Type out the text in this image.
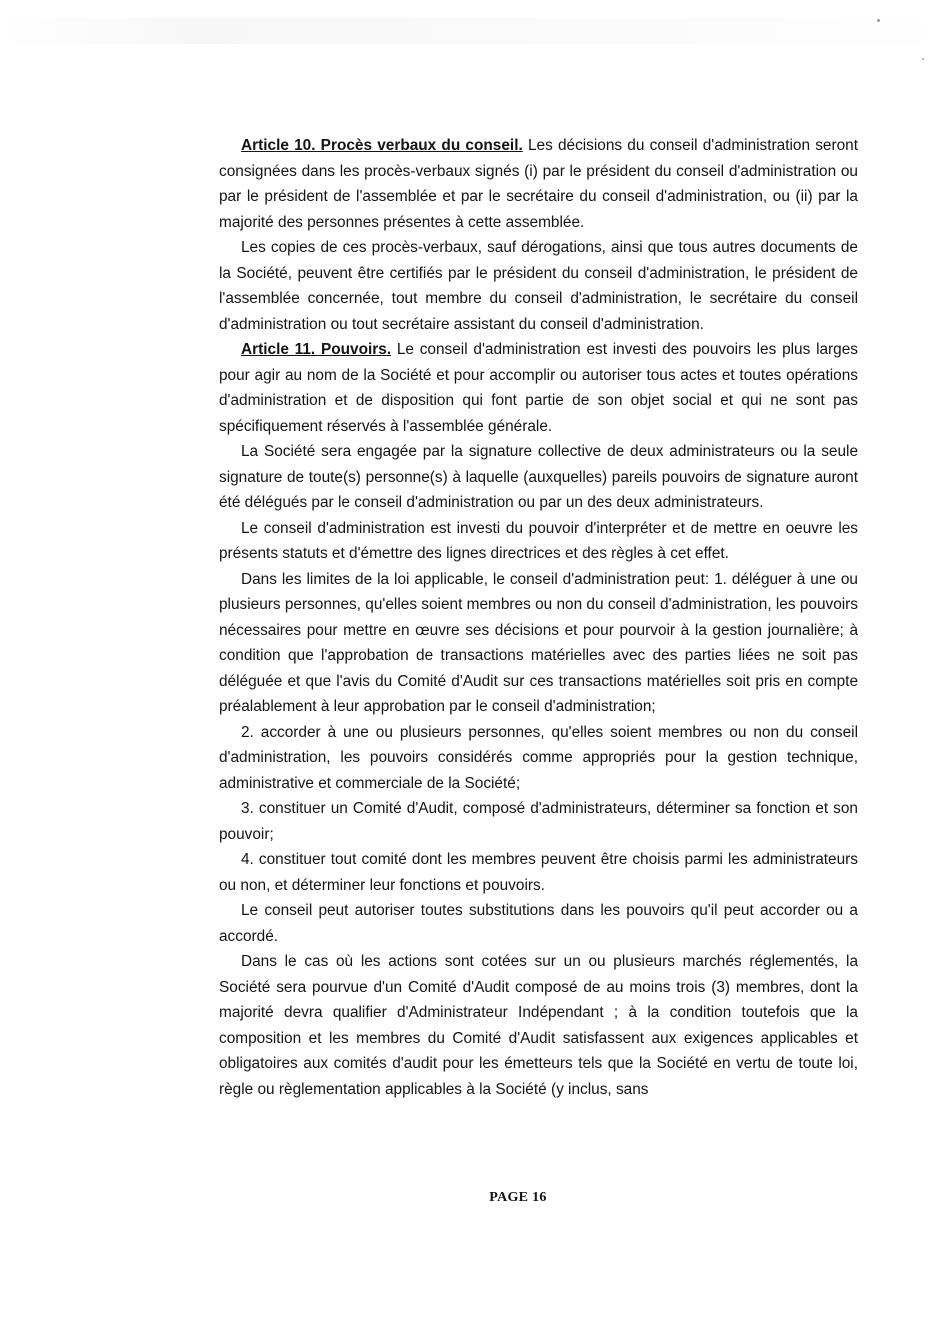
Article 10. Procès verbaux du conseil. Les décisions du conseil d'administration seront consignées dans les procès-verbaux signés (i) par le président du conseil d'administration ou par le président de l'assemblée et par le secrétaire du conseil d'administration, ou (ii) par la majorité des personnes présentes à cette assemblée.

Les copies de ces procès-verbaux, sauf dérogations, ainsi que tous autres documents de la Société, peuvent être certifiés par le président du conseil d'administration, le président de l'assemblée concernée, tout membre du conseil d'administration, le secrétaire du conseil d'administration ou tout secrétaire assistant du conseil d'administration.

Article 11. Pouvoirs. Le conseil d'administration est investi des pouvoirs les plus larges pour agir au nom de la Société et pour accomplir ou autoriser tous actes et toutes opérations d'administration et de disposition qui font partie de son objet social et qui ne sont pas spécifiquement réservés à l'assemblée générale.

La Société sera engagée par la signature collective de deux administrateurs ou la seule signature de toute(s) personne(s) à laquelle (auxquelles) pareils pouvoirs de signature auront été délégués par le conseil d'administration ou par un des deux administrateurs.

Le conseil d'administration est investi du pouvoir d'interpréter et de mettre en oeuvre les présents statuts et d'émettre des lignes directrices et des règles à cet effet.

Dans les limites de la loi applicable, le conseil d'administration peut: 1. déléguer à une ou plusieurs personnes, qu'elles soient membres ou non du conseil d'administration, les pouvoirs nécessaires pour mettre en œuvre ses décisions et pour pourvoir à la gestion journalière; à condition que l'approbation de transactions matérielles avec des parties liées ne soit pas déléguée et que l'avis du Comité d'Audit sur ces transactions matérielles soit pris en compte préalablement à leur approbation par le conseil d'administration;

2. accorder à une ou plusieurs personnes, qu'elles soient membres ou non du conseil d'administration, les pouvoirs considérés comme appropriés pour la gestion technique, administrative et commerciale de la Société;

3. constituer un Comité d'Audit, composé d'administrateurs, déterminer sa fonction et son pouvoir;

4. constituer tout comité dont les membres peuvent être choisis parmi les administrateurs ou non, et déterminer leur fonctions et pouvoirs.

Le conseil peut autoriser toutes substitutions dans les pouvoirs qu'il peut accorder ou a accordé.

Dans le cas où les actions sont cotées sur un ou plusieurs marchés réglementés, la Société sera pourvue d'un Comité d'Audit composé de au moins trois (3) membres, dont la majorité devra qualifier d'Administrateur Indépendant ; à la condition toutefois que la composition et les membres du Comité d'Audit satisfassent aux exigences applicables et obligatoires aux comités d'audit pour les émetteurs tels que la Société en vertu de toute loi, règle ou règlementation applicables à la Société (y inclus, sans

PAGE 16
